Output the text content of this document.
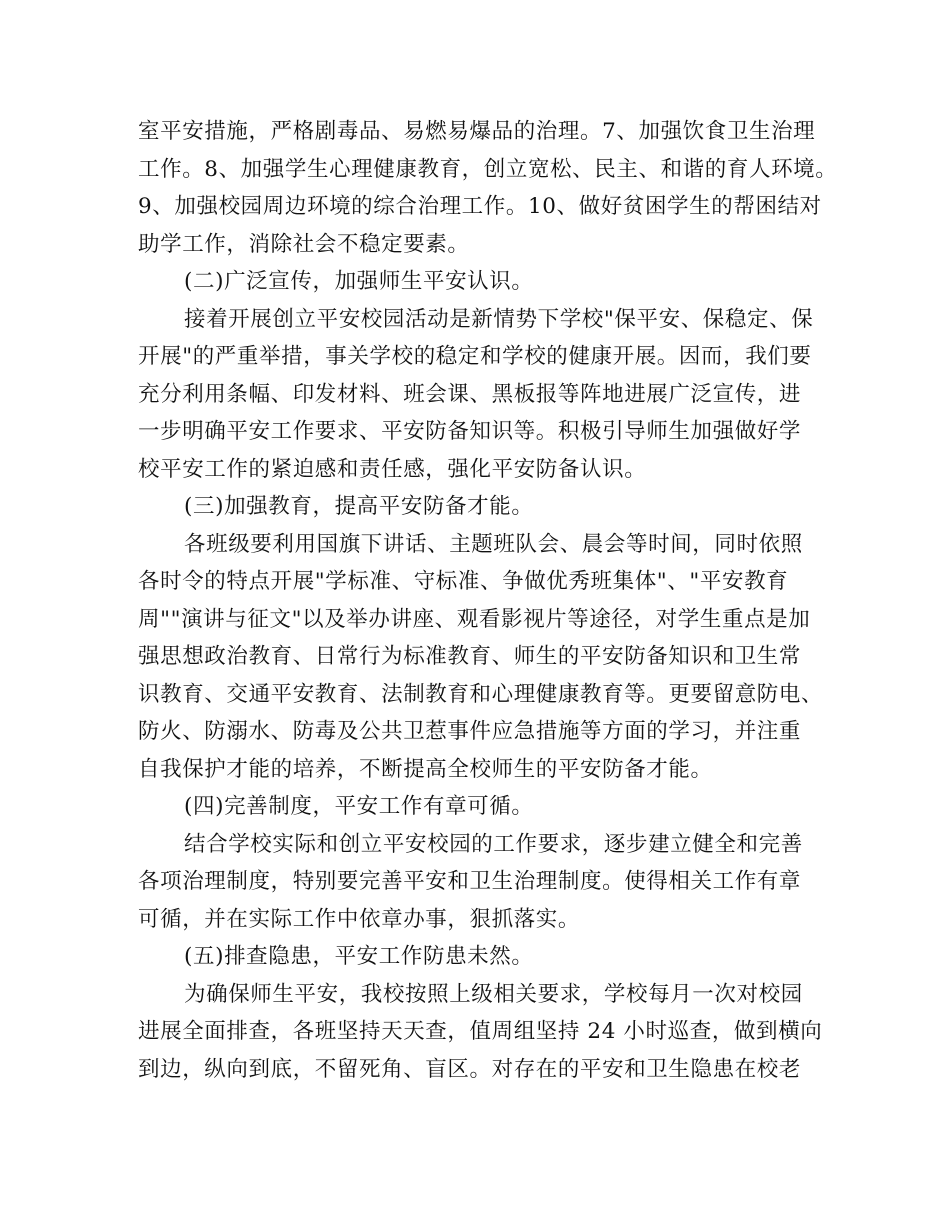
室平安措施，严格剧毒品、易燃易爆品的治理。7、加强饮食卫生治理
工作。8、加强学生心理健康教育，创立宽松、民主、和谐的育人环境。
9、加强校园周边环境的综合治理工作。10、做好贫困学生的帮困结对
助学工作，消除社会不稳定要素。
(二)广泛宣传，加强师生平安认识。
接着开展创立平安校园活动是新情势下学校"保平安、保稳定、保
开展"的严重举措，事关学校的稳定和学校的健康开展。因而，我们要
充分利用条幅、印发材料、班会课、黑板报等阵地进展广泛宣传，进
一步明确平安工作要求、平安防备知识等。积极引导师生加强做好学
校平安工作的紧迫感和责任感，强化平安防备认识。
(三)加强教育，提高平安防备才能。
各班级要利用国旗下讲话、主题班队会、晨会等时间，同时依照
各时令的特点开展"学标准、守标准、争做优秀班集体"、"平安教育
周""演讲与征文"以及举办讲座、观看影视片等途径，对学生重点是加
强思想政治教育、日常行为标准教育、师生的平安防备知识和卫生常
识教育、交通平安教育、法制教育和心理健康教育等。更要留意防电、
防火、防溺水、防毒及公共卫惹事件应急措施等方面的学习，并注重
自我保护才能的培养，不断提高全校师生的平安防备才能。
(四)完善制度，平安工作有章可循。
结合学校实际和创立平安校园的工作要求，逐步建立健全和完善
各项治理制度，特别要完善平安和卫生治理制度。使得相关工作有章
可循，并在实际工作中依章办事，狠抓落实。
(五)排查隐患，平安工作防患未然。
为确保师生平安，我校按照上级相关要求，学校每月一次对校园
进展全面排查，各班坚持天天查，值周组坚持 24 小时巡查，做到横向
到边，纵向到底，不留死角、盲区。对存在的平安和卫生隐患在校老
